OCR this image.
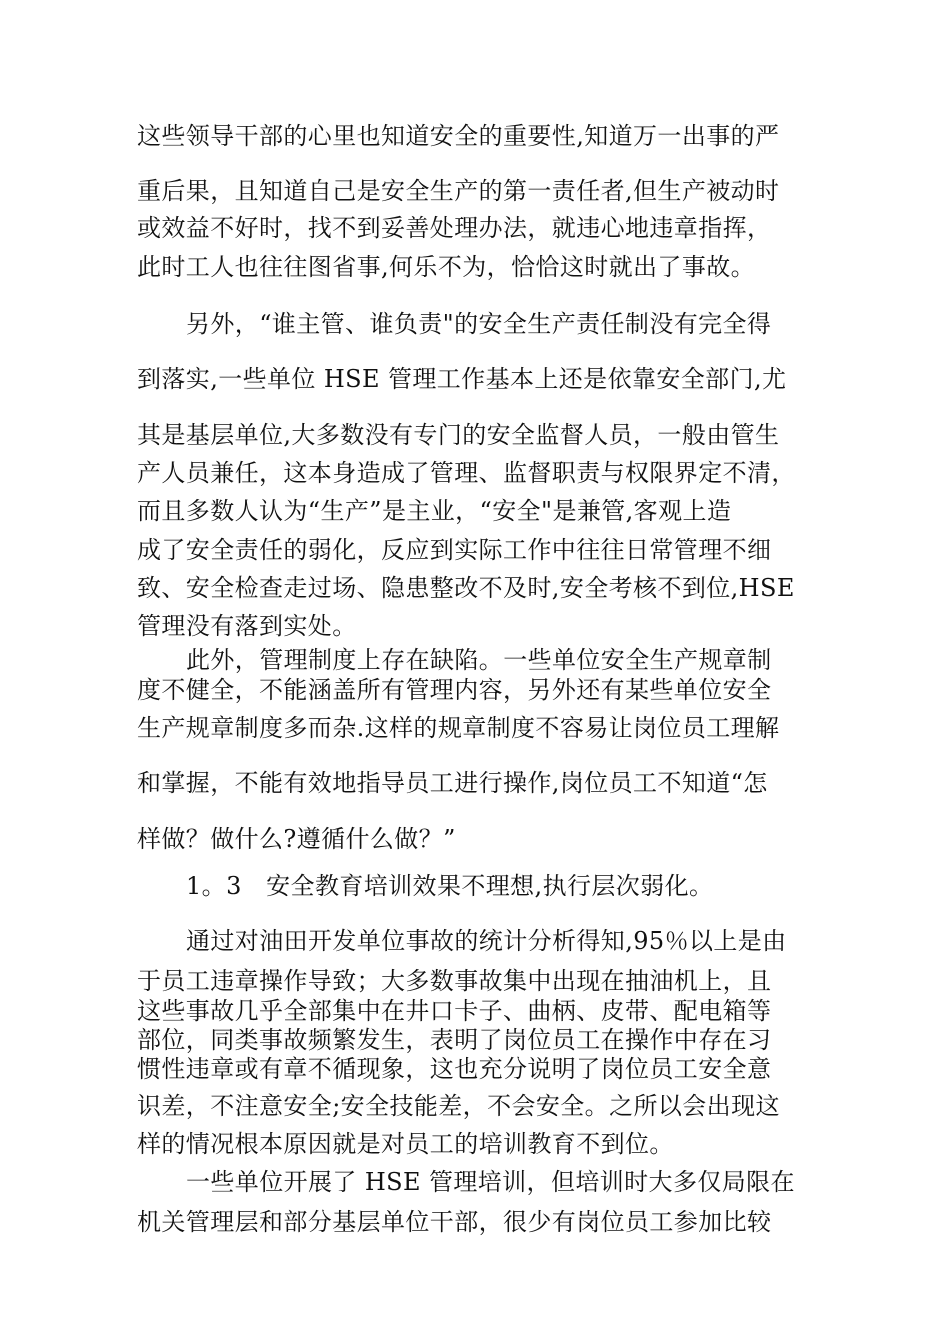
这些领导干部的心里也知道安全的重要性,知道万一出事的严
重后果，且知道自己是安全生产的第一责任者,但生产被动时
或效益不好时，找不到妥善处理办法，就违心地违章指挥，
此时工人也往往图省事,何乐不为，恰恰这时就出了事故。
另外，“谁主管、谁负责"的安全生产责任制没有完全得
到落实,一些单位 HSE 管理工作基本上还是依靠安全部门,尤
其是基层单位,大多数没有专门的安全监督人员，一般由管生
产人员兼任，这本身造成了管理、监督职责与权限界定不清，
而且多数人认为“生产”是主业，“安全"是兼管,客观上造
成了安全责任的弱化，反应到实际工作中往往日常管理不细
致、安全检查走过场、隐患整改不及时,安全考核不到位,HSE
管理没有落到实处。
此外，管理制度上存在缺陷。一些单位安全生产规章制
度不健全，不能涵盖所有管理内容，另外还有某些单位安全
生产规章制度多而杂.这样的规章制度不容易让岗位员工理解
和掌握，不能有效地指导员工进行操作,岗位员工不知道“怎
样做？做什么?遵循什么做？”
1。3　安全教育培训效果不理想,执行层次弱化。
通过对油田开发单位事故的统计分析得知,95％以上是由
于员工违章操作导致；大多数事故集中出现在抽油机上，且
这些事故几乎全部集中在井口卡子、曲柄、皮带、配电箱等
部位，同类事故频繁发生，表明了岗位员工在操作中存在习
惯性违章或有章不循现象，这也充分说明了岗位员工安全意
识差，不注意安全;安全技能差，不会安全。之所以会出现这
样的情况根本原因就是对员工的培训教育不到位。
一些单位开展了 HSE 管理培训，但培训时大多仅局限在
机关管理层和部分基层单位干部，很少有岗位员工参加比较
